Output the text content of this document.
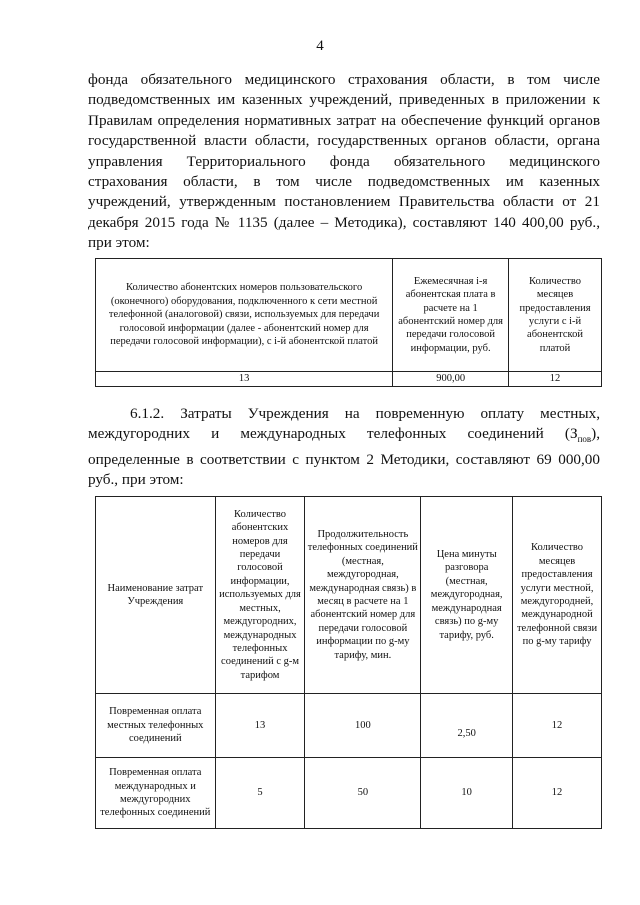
4

фонда обязательного медицинского страхования области, в том числе
подведомственных им казенных учреждений, приведенных в приложении к
Правилам определения нормативных затрат на обеспечение функций органов
государственной власти области, государственных органов области, органа
управления Территориального фонда обязательного медицинского
страхования области, в том числе подведомственных им казенных
учреждений, утвержденным постановлением Правительства области от 21
декабря 2015 года № 1135 (далее – Методика), составляют 140 400,00 руб.,
при этом:

Количество абонентских номеров пользовательского (оконечного) оборудования, подключенного к сети местной телефонной (аналоговой) связи, используемых для передачи голосовой информации (далее - абонентский номер для передачи голосовой информации), с i-й абонентской платой	Ежемесячная i-я абонентская плата в расчете на 1 абонентский номер для передачи голосовой информации, руб.	Количество месяцев предоставления услуги с i-й абонентской платой
13	900,00	12

6.1.2. Затраты Учреждения на повременную оплату местных,
междугородних и международных телефонных соединений $(З_{пов})$,
определенные в соответствии с пунктом 2 Методики, составляют 69 000,00
руб., при этом:

Наименование затрат Учреждения	Количество абонентских номеров для передачи голосовой информации, используемых для местных, междугородних, международных телефонных соединений с g-м тарифом	Продолжительность телефонных соединений (местная, междугородная, международная связь) в месяц в расчете на 1 абонентский номер для передачи голосовой информации по g-му тарифу, мин.	Цена минуты разговора (местная, междугородная, международная связь) по g-му тарифу, руб.	Количество месяцев предоставления услуги местной, междугородней, международной телефонной связи по g-му тарифу
Повременная оплата местных телефонных соединений	13	100	2,50	12
Повременная оплата международных и междугородних телефонных соединений	5	50	10	12
